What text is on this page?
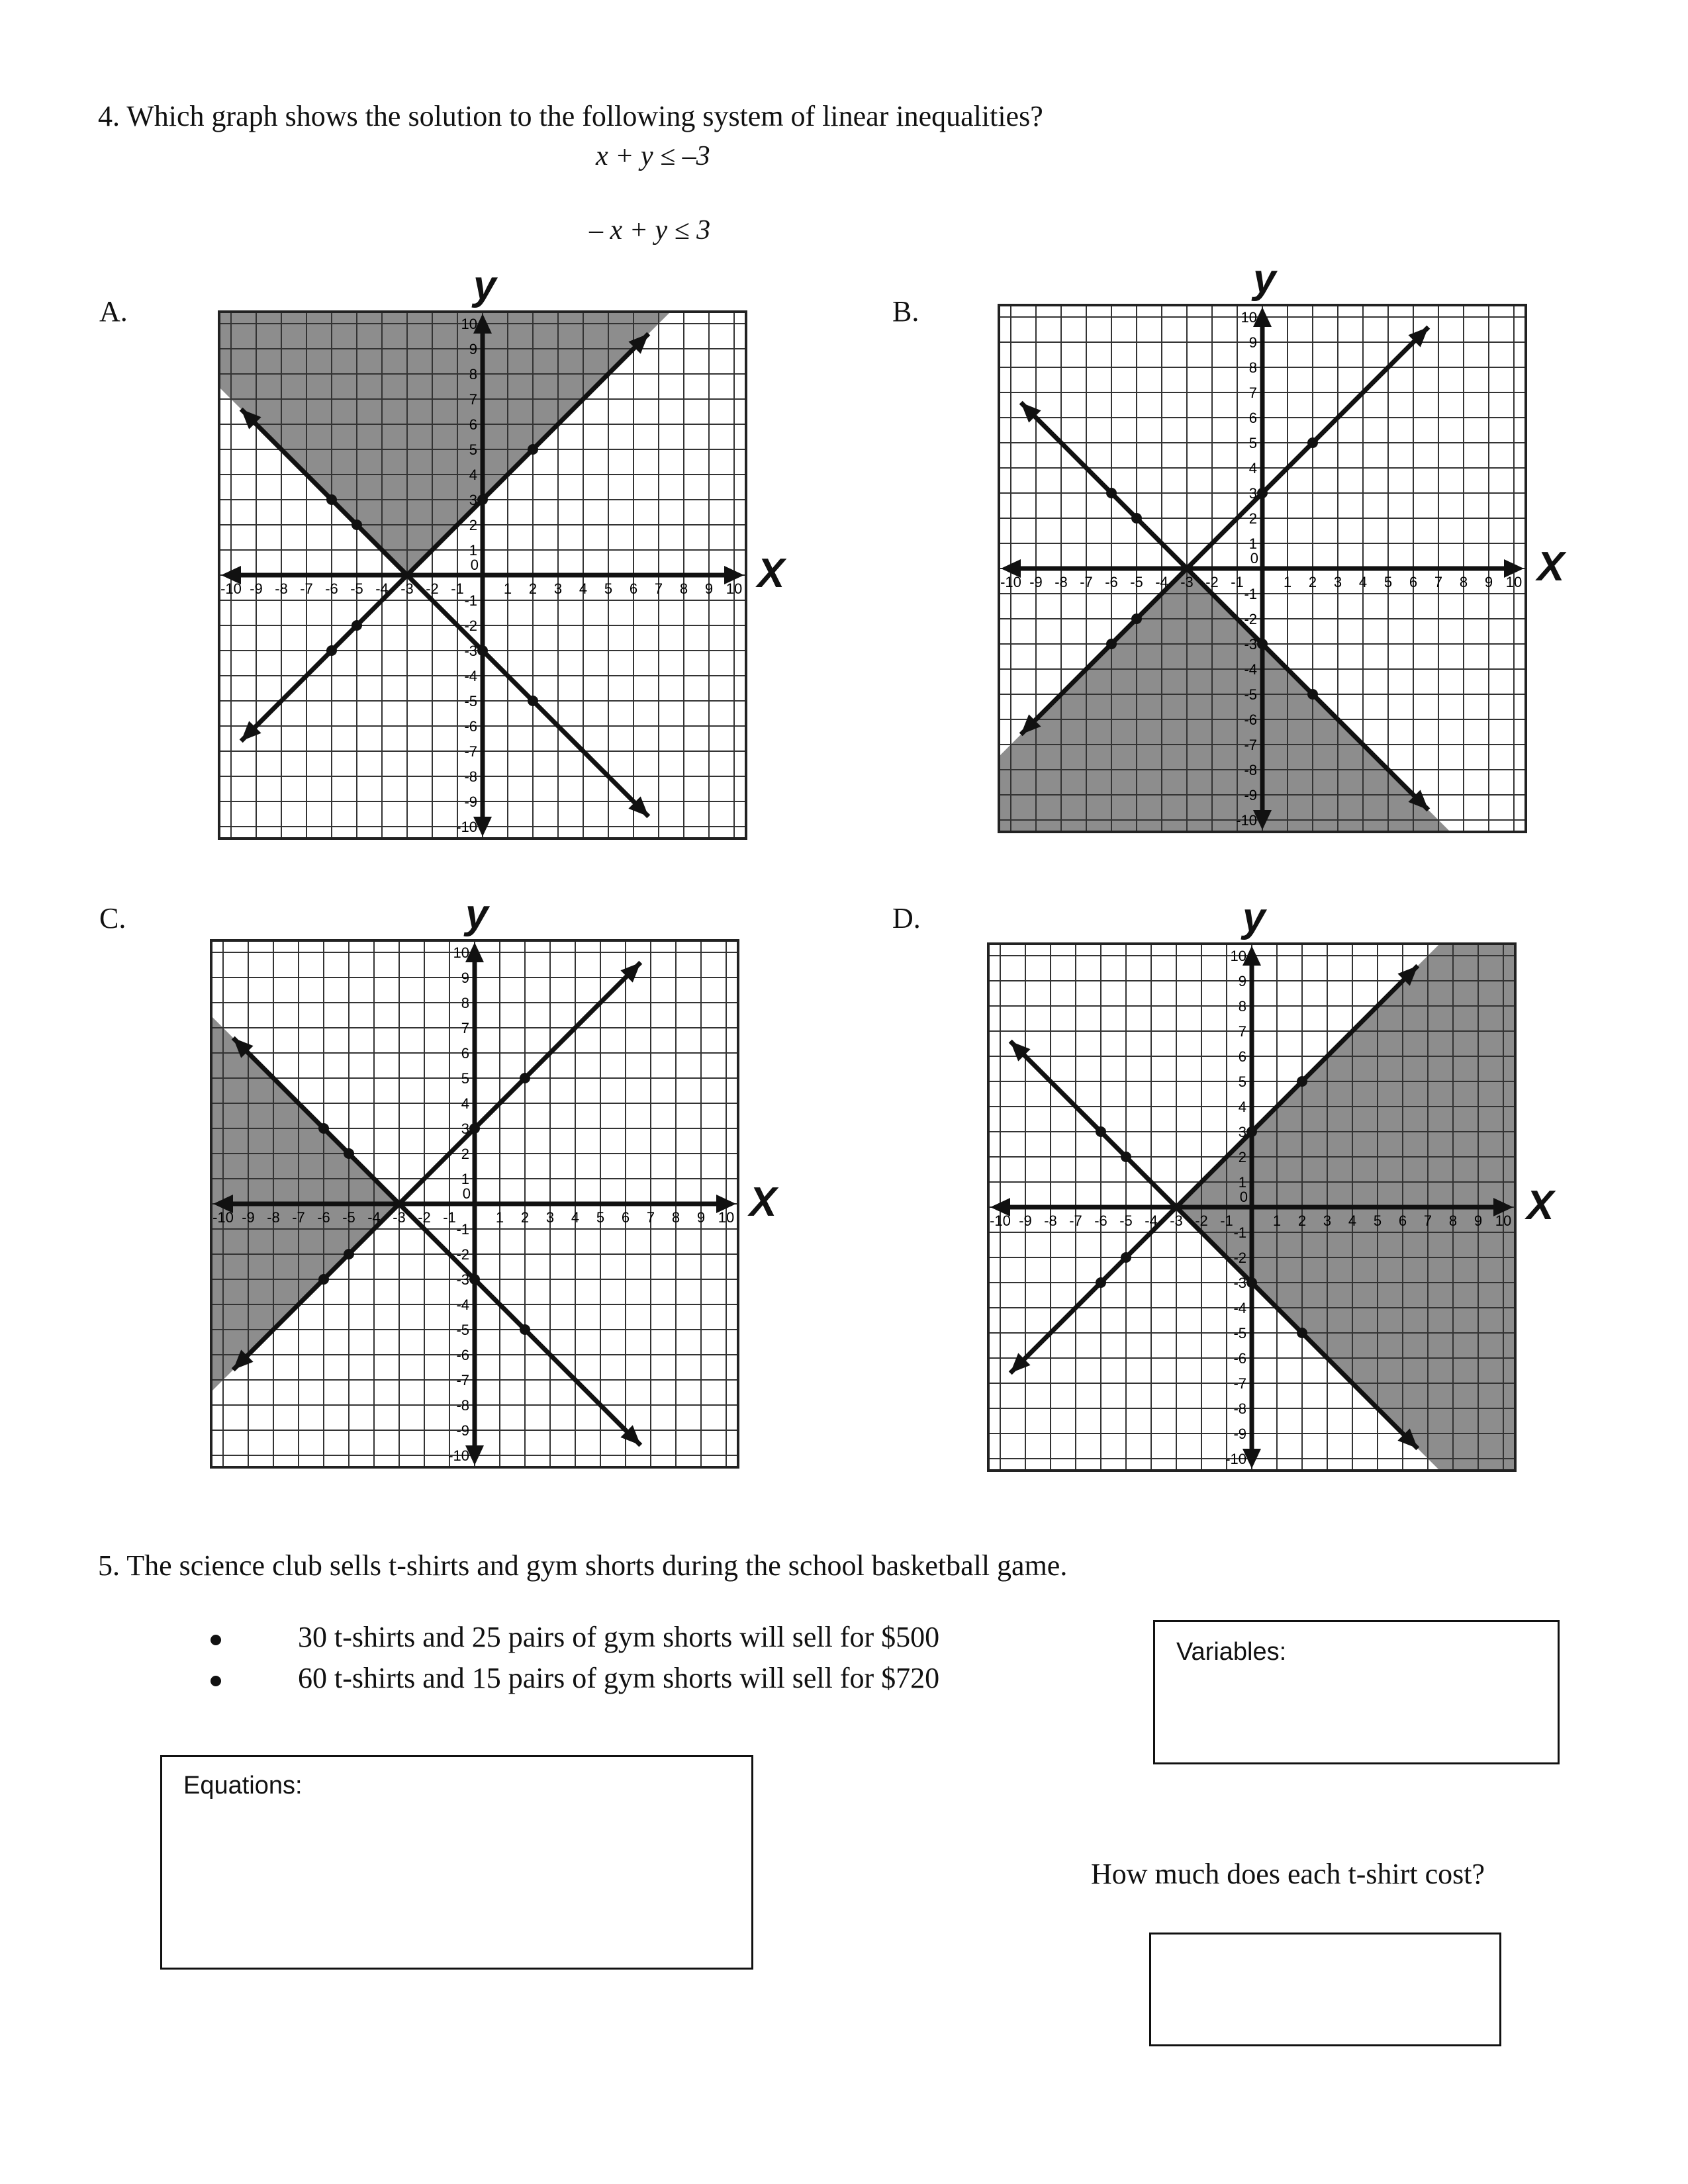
4. Which graph shows the solution to the following system of linear inequalities?
x + y ≤ –3
– x + y ≤ 3
A.	B.
C.	D.
-10
-10
-9
-9
-8
-8
-7
-7
-6
-6
-5
-5
-4
-4
-3
-3
-2
-2
-1
-1
0
1
1
2
2
3
3
4
4
5
5
6
6
7
7
8
8
9
9
10
10
y
X	-10
-10
-9
-9
-8
-8
-7
-7
-6
-6
-5
-5
-4
-4
-3
-3
-2
-2
-1
-1
0
1
1
2
2
3
3
4
4
5
5
6
6
7
7
8
8
9
9
10
10
y
X
-10
-10
-9
-9
-8
-8
-7
-7
-6
-6
-5
-5
-4
-4
-3
-3
-2
-2
-1
-1
0
1
1
2
2
3
3
4
4
5
5
6
6
7
7
8
8
9
9
10
10
y
X	-10
-10
-9
-9
-8
-8
-7
-7
-6
-6
-5
-5
-4
-4
-3
-3
-2
-2
-1
-1
0
1
1
2
2
3
3
4
4
5
5
6
6
7
7
8
8
9
9
10
10
y
X
5. The science club sells t-shirts and gym shorts during the school basketball game.
30 t-shirts and 25 pairs of gym shorts will sell for $500
60 t-shirts and 15 pairs of gym shorts will sell for $720
Variables:
Equations:
How much does each t-shirt cost?
